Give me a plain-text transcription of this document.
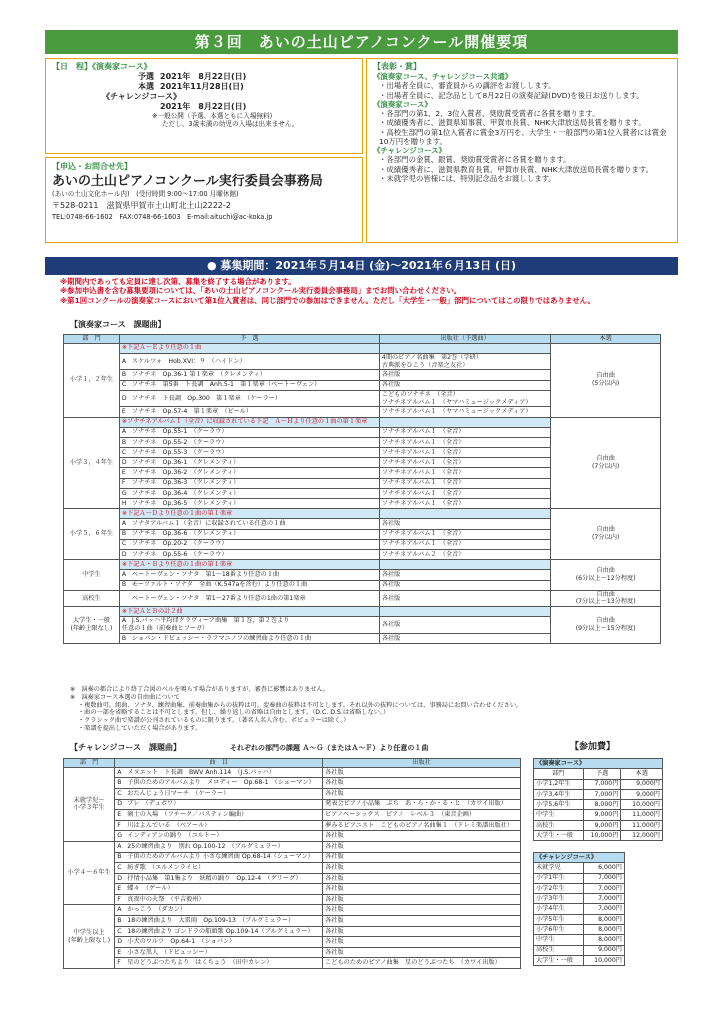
第３回　あいの土山ピアノコンクール開催要項
【日　程】《演奏家コース》
予選 2021年　8月22日(日)
本選 2021年11月28日(日)
《チャレンジコース》
2021年　8月22日(日)
※一般公開（予選、本選ともに入場無料)
ただし、3歳未満の幼児の入場は出来ません。
【申込・お問合せ先】
あいの土山ピアノコンクール実行委員会事務局
(あいの土山文化ホール内)　(受付時間 9:00〜17:00 月曜休館)
〒528-0211　滋賀県甲賀市土山町北土山2222-2
TEL:0748-66-1602　FAX:0748-66-1603　E-mail:aituchi@ac-koka.jp
【表彰・賞】
《演奏家コース、チャレンジコース共通》
・出場者全員に、審査員からの講評をお渡しします。
・出場者全員に、記念品として8月22日の演奏記録(DVD)を後日お送りします。
《演奏家コース》
・各部門の第1、2、3位入賞者、奨励賞受賞者に各賞を贈ります。
・成績優秀者に、滋賀県知事賞、甲賀市長賞、NHK大津放送局長賞を贈ります。
・高校生部門の第1位入賞者に賞金3万円を、大学生・一般部門の第1位入賞者には賞金10万円を贈ります。
《チャレンジコース》
・各部門の金賞、銀賞、奨励賞受賞者に各賞を贈ります。
・成績優秀者に、滋賀県教育長賞、甲賀市長賞、NHK大津放送局長賞を贈ります。
・未就学児の皆様には、特別記念品をお渡しします。
● 募集期間：2021年５月14日 (金)〜2021年６月13日 (日)
※期間内であっても定員に達し次第、募集を終了する場合があります。
※参加申込書を含む募集要項については、「あいの土山ピアノコンクール実行委員会事務局」までお問い合わせください。
※第1回コンクールの演奏家コースにおいて第1位入賞者は、同じ部門での参加はできません。ただし「大学生・一般」部門についてはこの限りではありません。
【演奏家コース　課題曲】
部　門	予　選	出版社（予選曲）	本選
小学１，２年生	※下記Ａ～Ｅより任意の１曲		自由曲
(5分以内)
	A スケルツォ　Hob.XVI：９　（ハイドン）	4期のピアノ名曲集　第2巻（学研）
古典派をひこう（音楽之友社）	
	B ソナチネ　Op.36-1 第１楽章　（クレメンティ）	各社版	
	C ソナチネ　第5番　ト長調　Anh.5-1　第１楽章（ベートーヴェン）	各社版	
	D ソナチネ　ト長調　Op.300　第１楽章　（ケーラー）	こどものソナチネ　（全音）
ソナチネアルバム１　（ヤマハミュージックメディア）	
	E ソナチネ　Op.57-4　第１楽章　（ビール）	ソナチネアルバム１　（ヤマハミュージックメディア）	
小学３，４年生	※ソナチネアルバム１（全音）に収録されている下記　Ａ～Ｈより任意の１曲の第１楽章		自由曲
(7分以内)
	A ソナチネ　Op.55-1　（クーラウ）	ソナチネアルバム１　（全音）	
	B ソナチネ　Op.55-2　（クーラウ）	ソナチネアルバム１　（全音）	
	C ソナチネ　Op.55-3　（クーラウ）	ソナチネアルバム１　（全音）	
	D ソナチネ　Op.36-1　（クレメンティ）	ソナチネアルバム１　（全音）	
	E ソナチネ　Op.36-2　（クレメンティ）	ソナチネアルバム１　（全音）	
	F ソナチネ　Op.36-3　（クレメンティ）	ソナチネアルバム１　（全音）	
	G ソナチネ　Op.36-4　（クレメンティ）	ソナチネアルバム１　（全音）	
	H ソナチネ　Op.36-5　（クレメンティ）	ソナチネアルバム１　（全音）	
小学５，６年生	※下記Ａ～Ｄより任意の１曲の第１楽章		自由曲
(7分以内)
	A ソナタアルバム１（全音）に収録されている任意の１曲	各社版	
	B ソナチネ　Op.36-6　（クレメンティ）	ソナチネアルバム１　（全音）	
	C ソナチネ　Op.20-2　（クーラウ）	ソナチネアルバム１　（全音）	
	D ソナチネ　Op.55-6　（クーラウ）	ソナチネアルバム２　（全音）	
中学生	※下記Ａ・Ｂより任意の１曲の第１楽章		自由曲
(6分以上〜12分程度)
	A ベートーヴェン・ソナタ　第1〜18番より任意の１曲	各社版	
	B モーツァルト・ソナタ　全曲（K.547aを含む）より任意の１曲	各社版	
高校生	ベートーヴェン・ソナタ　第1〜27番より任意の1曲の第1楽章	各社版	自由曲
(7分以上〜13分程度)
大学生・一般
(年齢上限なし)	※下記ＡとＢの計２曲		自由曲
(9分以上〜15分程度)
	A J.S.バッハ平均律クラヴィーア曲集　第１巻、第２巻より
任意の１曲（前奏曲とフーガ）	各社版	
	B ショパン・ドビュッシー・ラフマニノフの練習曲より任意の１曲	各社版	
※　演奏の都合により終了合図のベルを鳴らす場合がありますが、審査に影響はありません。
※　演奏家コース本選の自由曲について
・複数曲可。組曲、ソナタ、練習曲集、前奏曲集からの抜粋は可。変奏曲の抜粋は不可とします。それ以外の抜粋については、事務局にお問い合わせください。
・曲の一部を省略することは不可とします。但し、繰り返しの省略は自由とします。（D.C. D.S.は省略しない。）
・クラシック曲で楽譜が公刊されているものに限ります。（著名人名人含む。ポピュラーは除く。）
・楽譜を提出していただく場合があります。
【チャレンジコース　課題曲】	それぞれの部門の課題 Ａ～Ｇ（またはＡ～Ｆ）より任意の１曲
部　門	曲　目	出版社
未就学児〜
小学３年生	A メヌエット　ト長調　BWV Anh.114　（J.S.バッハ）	各社版
	B 子供のためのアルバムより　メロディー　Op.68-1　（シューマン）	各社版
	C おたんじょう日マーチ　（ケーラー）	各社版
	D ブレ　（デュボワ）	発表会ピアノ小品集　ぷち　あ・ら・か・る・と　（カワイ出版）
	E 剣士の入場　（フチーク／バスティン編曲）	ピアノベーシックス　ピアノ　レベル３　（東音企画）
	F 川はよんでいる　（ベアール）	夢みるピアニスト　こどものピアノ名曲集１　（ドレミ楽譜出版社）
	G インディアンの踊り　（コルトー）	各社版
小学４〜６年生	A 25の練習曲より　別れ Op.100-12　（ブルグミュラー）	各社版
	B 子供のためのアルバムより 小さな練習曲 Op.68-14（シューマン）	各社版
	C 紡ぎ歌　（エルメンライヒ）	各社版
	D 抒情小品集　第1集より　妖精の踊り　Op.12-4　（グリーグ）	各社版
	E 蝶々　（ゲール）	各社版
	F 真夜中の火祭　（平吉毅州）	各社版
中学生以上
(年齢上限なし)	A かっこう　（ダカン）	各社版
	B 18の練習曲より　大雷雨　Op.109-13　（ブルグミュラー）	各社版
	C 18の練習曲より ゴンドラの船頭歌 Op.109-14（ブルグミュラー）	各社版
	D 小犬のワルツ　Op.64-1　（ショパン）	各社版
	E 小さな黒人　（ドビュッシー）	各社版
	F 星のどうぶつたちより　はくちょう　（田中カレン）	こどものためのピアノ曲集　星のどうぶつたち　（カワイ出版）
【参加費】
《演奏家コース》		
部門	予選	本選
小学1,2年生	7,000円	9,000円
小学3,4年生	7,000円	9,000円
小学5,6年生	8,000円	10,000円
中学生	9,000円	11,000円
高校生	9,000円	11,000円
大学生・一般	10,000円	12,000円
《チャレンジコース》	
未就学児	6,000円
小学1年生	7,000円
小学2年生	7,000円
小学3年生	7,000円
小学4年生	7,000円
小学5年生	8,000円
小学6年生	8,000円
中学生	8,000円
高校生	9,000円
大学生・一般	10,000円
